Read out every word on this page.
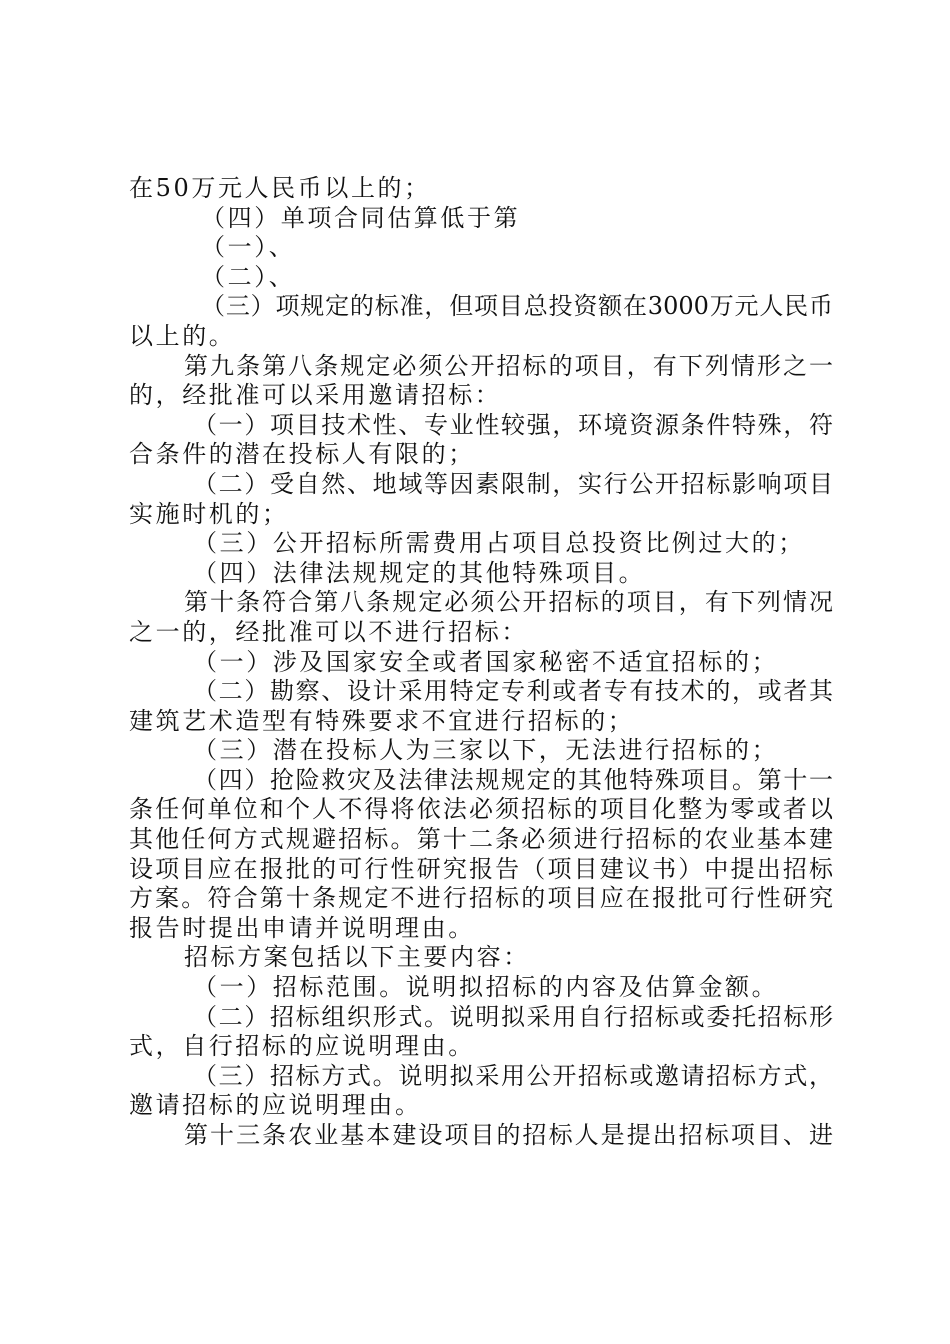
在50万元人民币以上的；
（四）单项合同估算低于第
（一）、
（二）、
（三）项规定的标准，但项目总投资额在3000万元人民币
以上的。
第九条第八条规定必须公开招标的项目，有下列情形之一
的，经批准可以采用邀请招标：
（一）项目技术性、专业性较强，环境资源条件特殊，符
合条件的潜在投标人有限的；
（二）受自然、地域等因素限制，实行公开招标影响项目
实施时机的；
（三）公开招标所需费用占项目总投资比例过大的；
（四）法律法规规定的其他特殊项目。
第十条符合第八条规定必须公开招标的项目，有下列情况
之一的，经批准可以不进行招标：
（一）涉及国家安全或者国家秘密不适宜招标的；
（二）勘察、设计采用特定专利或者专有技术的，或者其
建筑艺术造型有特殊要求不宜进行招标的；
（三）潜在投标人为三家以下，无法进行招标的；
（四）抢险救灾及法律法规规定的其他特殊项目。第十一
条任何单位和个人不得将依法必须招标的项目化整为零或者以
其他任何方式规避招标。第十二条必须进行招标的农业基本建
设项目应在报批的可行性研究报告（项目建议书）中提出招标
方案。符合第十条规定不进行招标的项目应在报批可行性研究
报告时提出申请并说明理由。
招标方案包括以下主要内容：
（一）招标范围。说明拟招标的内容及估算金额。
（二）招标组织形式。说明拟采用自行招标或委托招标形
式，自行招标的应说明理由。
（三）招标方式。说明拟采用公开招标或邀请招标方式，
邀请招标的应说明理由。
第十三条农业基本建设项目的招标人是提出招标项目、进
